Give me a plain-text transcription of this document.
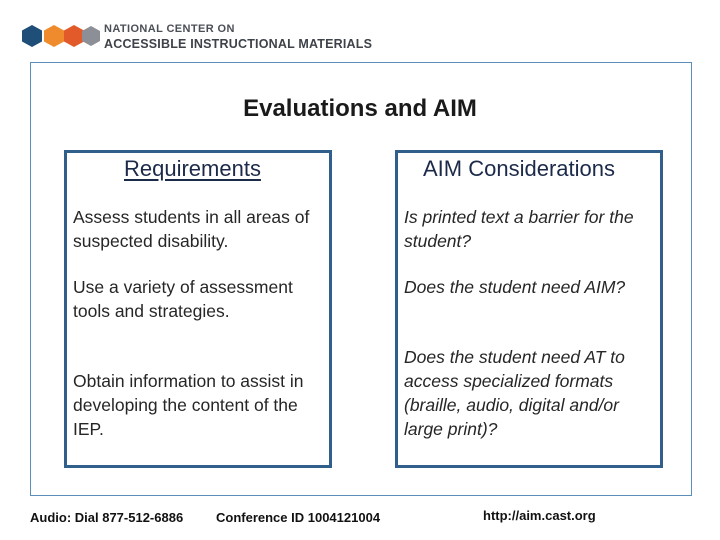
NATIONAL CENTER ON
ACCESSIBLE INSTRUCTIONAL MATERIALS
Evaluations and AIM
Requirements	AIM Considerations
Assess students in all areas of suspected disability.
Use a variety of assessment tools and strategies.
Obtain information to assist in developing the content of the IEP.
Is printed text a barrier for the student?
Does the student need AIM?
Does the student need AT to access specialized formats (braille, audio, digital and/or large print)?
Audio: Dial 877-512-6886	Conference ID 1004121004	http://aim.cast.org
